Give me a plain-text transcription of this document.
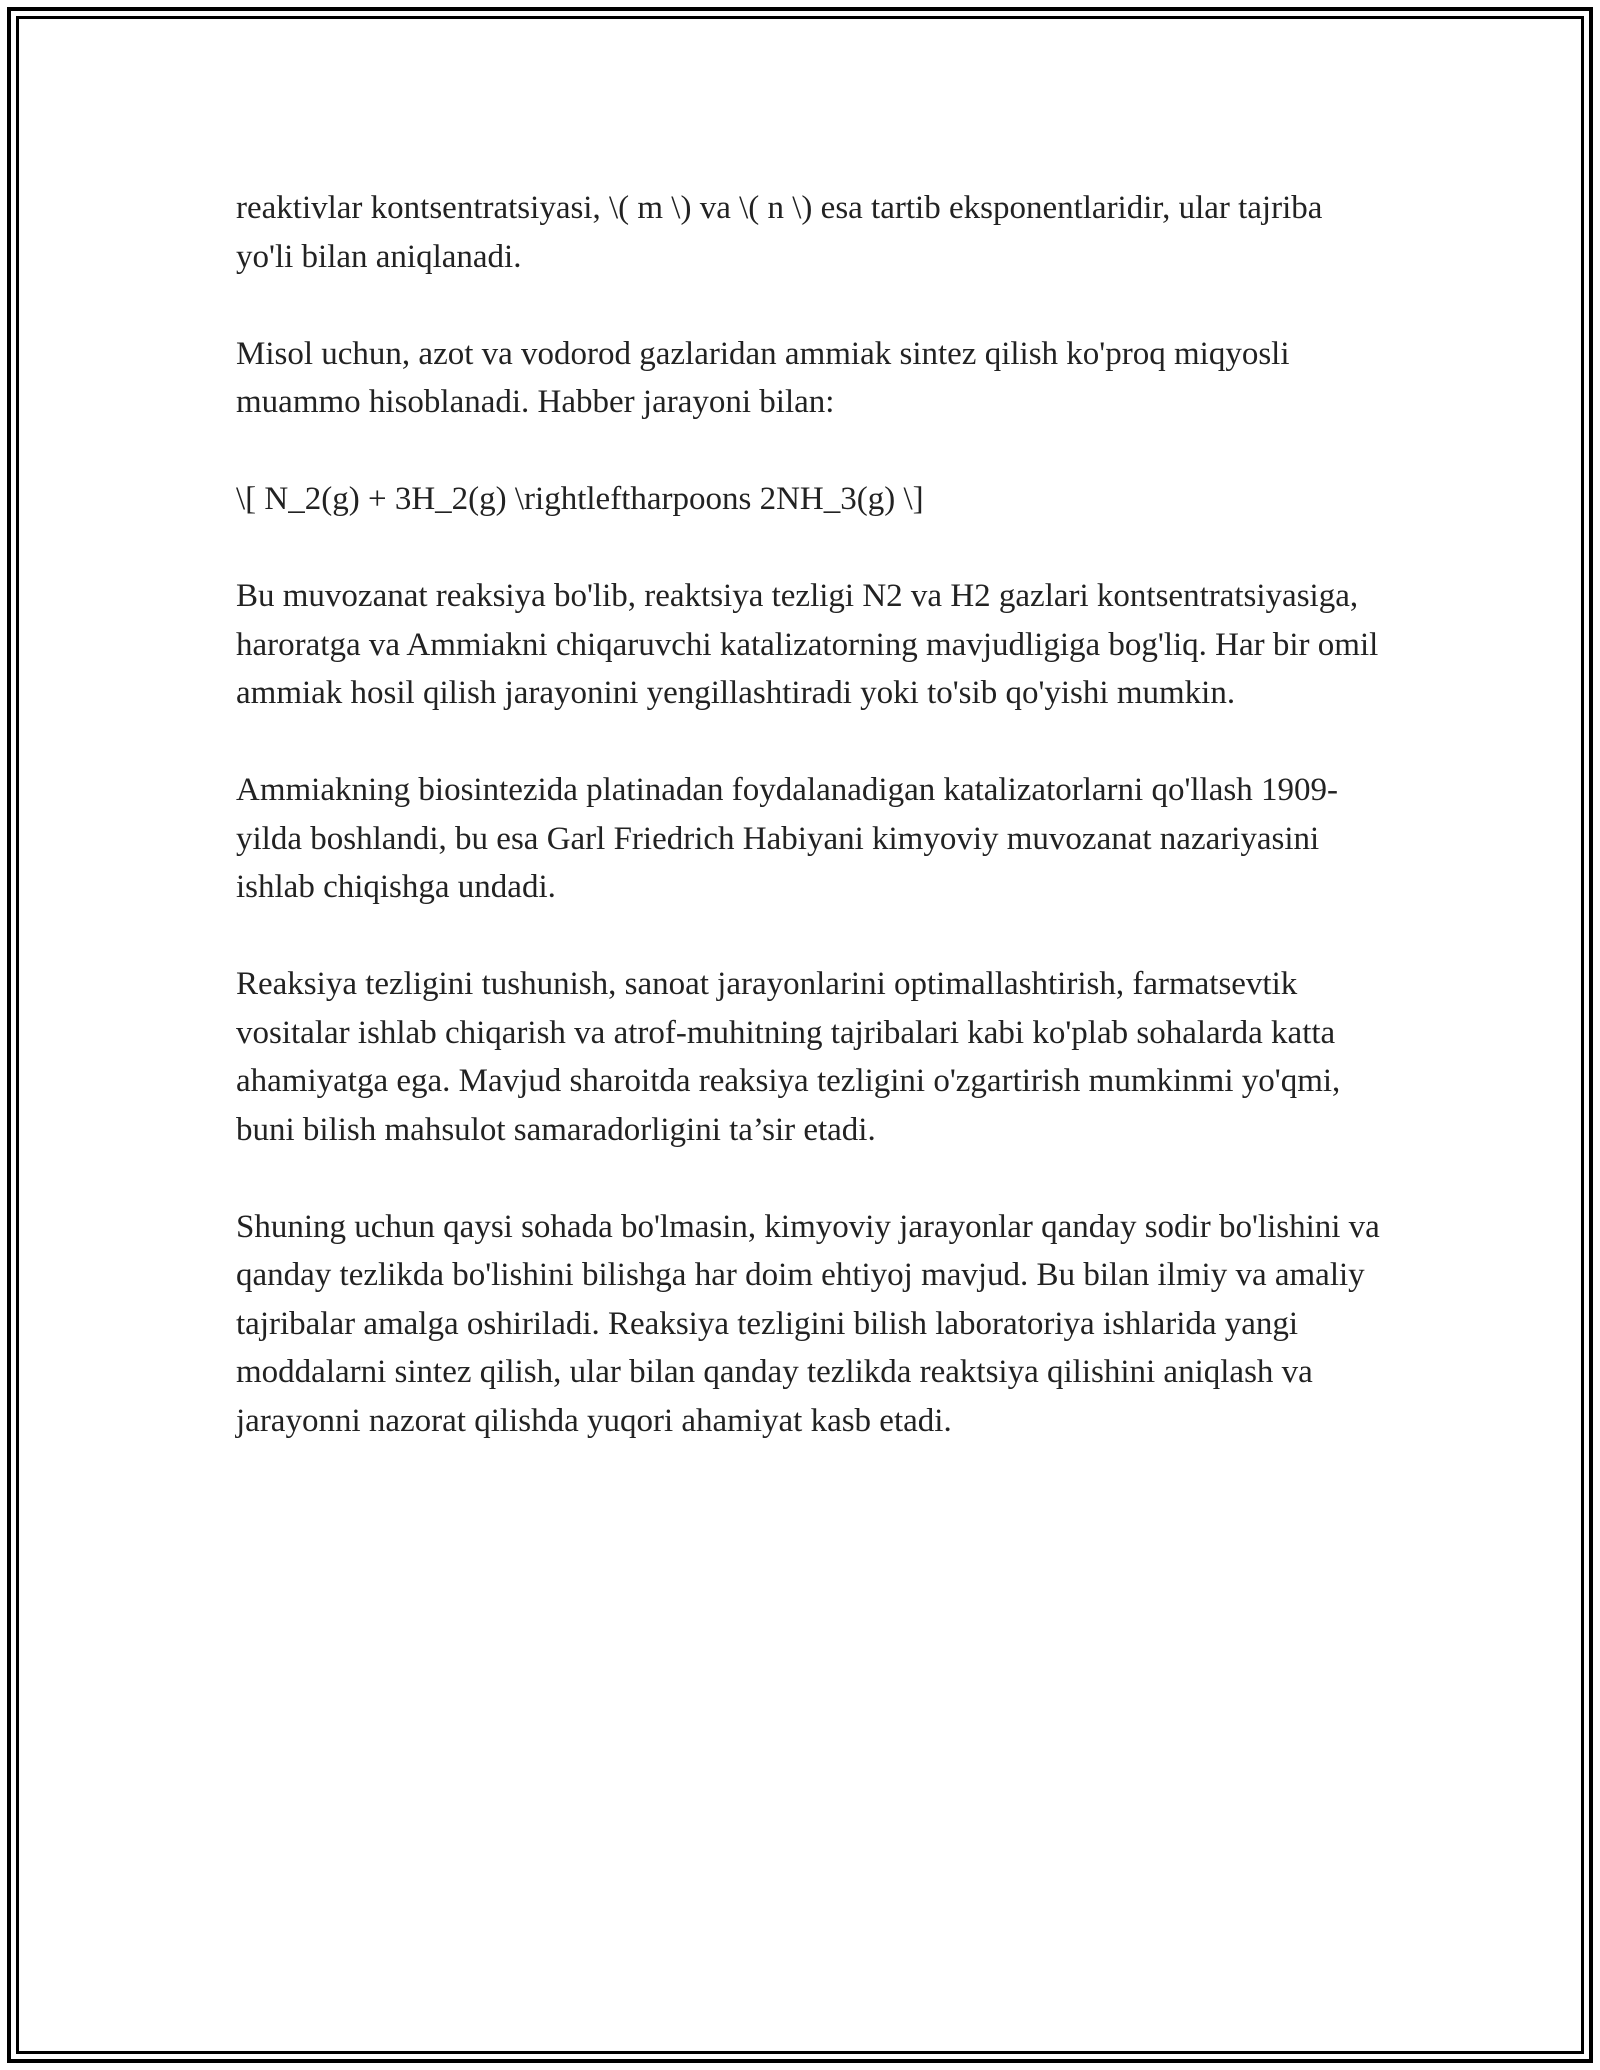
reaktivlar kontsentratsiyasi, \( m \) va \( n \) esa tartib eksponentlaridir, ular tajriba yo'li bilan aniqlanadi.

Misol uchun, azot va vodorod gazlaridan ammiak sintez qilish ko'proq miqyosli muammo hisoblanadi. Habber jarayoni bilan:

\[ N_2(g) + 3H_2(g) \rightleftharpoons 2NH_3(g) \]

Bu muvozanat reaksiya bo'lib, reaktsiya tezligi N2 va H2 gazlari kontsentratsiyasiga, haroratga va Ammiakni chiqaruvchi katalizatorning mavjudligiga bog'liq. Har bir omil ammiak hosil qilish jarayonini yengillashtiradi yoki to'sib qo'yishi mumkin.

Ammiakning biosintezida platinadan foydalanadigan katalizatorlarni qo'llash 1909-yilda boshlandi, bu esa Garl Friedrich Habiyani kimyoviy muvozanat nazariyasini ishlab chiqishga undadi.

Reaksiya tezligini tushunish, sanoat jarayonlarini optimallashtirish, farmatsevtik vositalar ishlab chiqarish va atrof-muhitning tajribalari kabi ko'plab sohalarda katta ahamiyatga ega. Mavjud sharoitda reaksiya tezligini o'zgartirish mumkinmi yo'qmi, buni bilish mahsulot samaradorligini ta’sir etadi.

Shuning uchun qaysi sohada bo'lmasin, kimyoviy jarayonlar qanday sodir bo'lishini va qanday tezlikda bo'lishini bilishga har doim ehtiyoj mavjud. Bu bilan ilmiy va amaliy tajribalar amalga oshiriladi. Reaksiya tezligini bilish laboratoriya ishlarida yangi moddalarni sintez qilish, ular bilan qanday tezlikda reaktsiya qilishini aniqlash va jarayonni nazorat qilishda yuqori ahamiyat kasb etadi.
